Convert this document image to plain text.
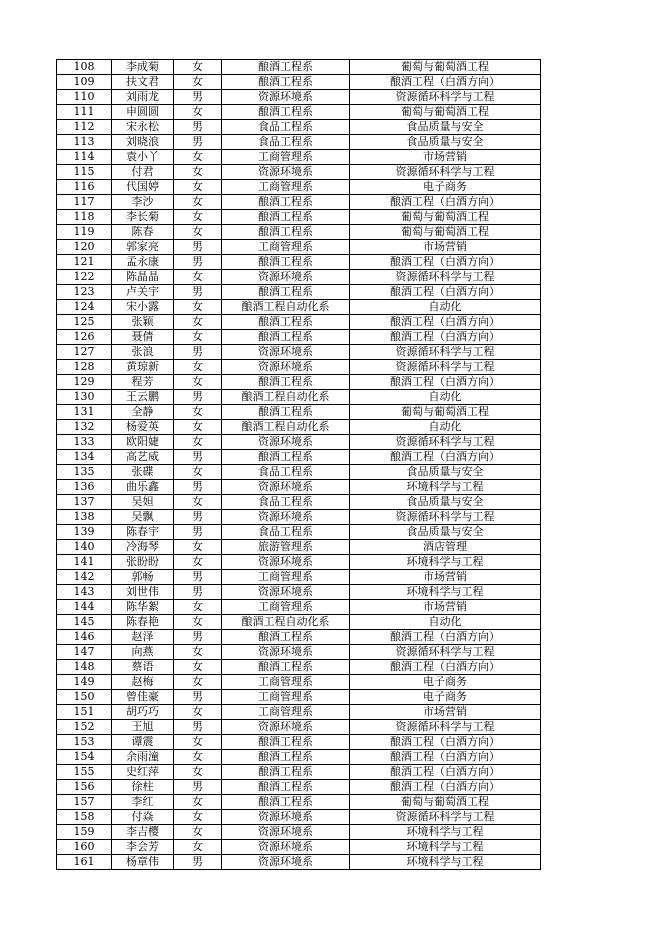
108	李成菊	女	酿酒工程系	葡萄与葡萄酒工程
109	扶文君	女	酿酒工程系	酿酒工程（白酒方向）
110	刘雨龙	男	资源环境系	资源循环科学与工程
111	申圆圆	女	酿酒工程系	葡萄与葡萄酒工程
112	宋永松	男	食品工程系	食品质量与安全
113	刘晓浪	男	食品工程系	食品质量与安全
114	袁小丫	女	工商管理系	市场营销
115	付君	女	资源环境系	资源循环科学与工程
116	代国婷	女	工商管理系	电子商务
117	李沙	女	酿酒工程系	酿酒工程（白酒方向）
118	李长菊	女	酿酒工程系	葡萄与葡萄酒工程
119	陈春	女	酿酒工程系	葡萄与葡萄酒工程
120	郭家亮	男	工商管理系	市场营销
121	孟永康	男	酿酒工程系	酿酒工程（白酒方向）
122	陈晶晶	女	资源环境系	资源循环科学与工程
123	卢关宇	男	酿酒工程系	酿酒工程（白酒方向）
124	宋小露	女	酿酒工程自动化系	自动化
125	张颖	女	酿酒工程系	酿酒工程（白酒方向）
126	聂倩	女	酿酒工程系	酿酒工程（白酒方向）
127	张浪	男	资源环境系	资源循环科学与工程
128	黄琼新	女	资源环境系	资源循环科学与工程
129	程芳	女	酿酒工程系	酿酒工程（白酒方向）
130	王云鹏	男	酿酒工程自动化系	自动化
131	全静	女	酿酒工程系	葡萄与葡萄酒工程
132	杨爱英	女	酿酒工程自动化系	自动化
133	欧阳婕	女	资源环境系	资源循环科学与工程
134	高艺威	男	酿酒工程系	酿酒工程（白酒方向）
135	张碟	女	食品工程系	食品质量与安全
136	曲乐鑫	男	资源环境系	环境科学与工程
137	吴妲	女	食品工程系	食品质量与安全
138	吴飘	男	资源环境系	资源循环科学与工程
139	陈春宇	男	食品工程系	食品质量与安全
140	冷海琴	女	旅游管理系	酒店管理
141	张盼盼	女	资源环境系	环境科学与工程
142	郭畅	男	工商管理系	市场营销
143	刘世伟	男	资源环境系	环境科学与工程
144	陈华絮	女	工商管理系	市场营销
145	陈春艳	女	酿酒工程自动化系	自动化
146	赵泽	男	酿酒工程系	酿酒工程（白酒方向）
147	向燕	女	资源环境系	资源循环科学与工程
148	蔡语	女	酿酒工程系	酿酒工程（白酒方向）
149	赵梅	女	工商管理系	电子商务
150	曾佳豪	男	工商管理系	电子商务
151	胡巧巧	女	工商管理系	市场营销
152	王旭	男	资源环境系	资源循环科学与工程
153	谭震	女	酿酒工程系	酿酒工程（白酒方向）
154	余雨潼	女	酿酒工程系	酿酒工程（白酒方向）
155	史红萍	女	酿酒工程系	酿酒工程（白酒方向）
156	徐柱	男	酿酒工程系	酿酒工程（白酒方向）
157	李红	女	酿酒工程系	葡萄与葡萄酒工程
158	付焱	女	资源环境系	资源循环科学与工程
159	李吉樱	女	资源环境系	环境科学与工程
160	李会芳	女	资源环境系	环境科学与工程
161	杨章伟	男	资源环境系	环境科学与工程
